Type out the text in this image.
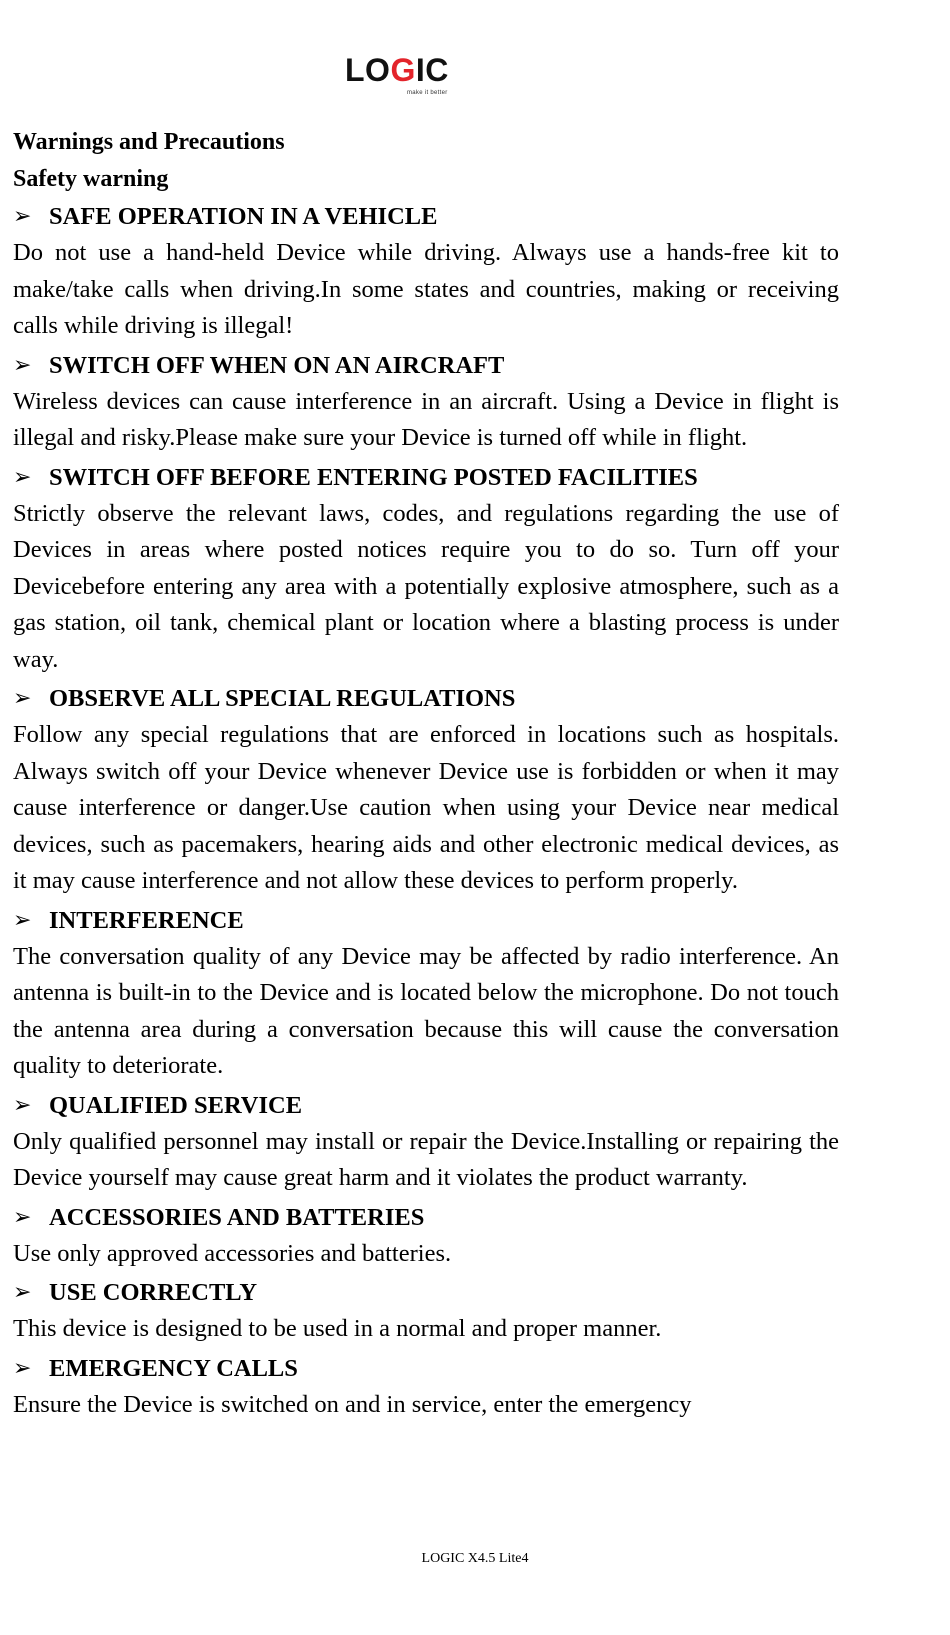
LOGIC
make it better

Warnings and Precautions

Safety warning

➢ SAFE OPERATION IN A VEHICLE

Do not use a hand-held Device while driving. Always use a hands-free kit to make/take calls when driving.In some states and countries, making or receiving calls while driving is illegal!

➢ SWITCH OFF WHEN ON AN AIRCRAFT

Wireless devices can cause interference in an aircraft. Using a Device in flight is illegal and risky.Please make sure your Device is turned off while in flight.

➢ SWITCH OFF BEFORE ENTERING POSTED FACILITIES

Strictly observe the relevant laws, codes, and regulations regarding the use of Devices in areas where posted notices require you to do so. Turn off your Devicebefore entering any area with a potentially explosive atmosphere, such as a gas station, oil tank, chemical plant or location where a blasting process is under way.

➢ OBSERVE ALL SPECIAL REGULATIONS

Follow any special regulations that are enforced in locations such as hospitals. Always switch off your Device whenever Device use is forbidden or when it may cause interference or danger.Use caution when using your Device near medical devices, such as pacemakers, hearing aids and other electronic medical devices, as it may cause interference and not allow these devices to perform properly.

➢ INTERFERENCE

The conversation quality of any Device may be affected by radio interference. An antenna is built-in to the Device and is located below the microphone. Do not touch the antenna area during a conversation because this will cause the conversation quality to deteriorate.

➢ QUALIFIED SERVICE

Only qualified personnel may install or repair the Device.Installing or repairing the Device yourself may cause great harm and it violates the product warranty.

➢ ACCESSORIES AND BATTERIES

Use only approved accessories and batteries.

➢ USE CORRECTLY

This device is designed to be used in a normal and proper manner.

➢ EMERGENCY CALLS

Ensure the Device is switched on and in service, enter the emergency

LOGIC X4.5 Lite4
